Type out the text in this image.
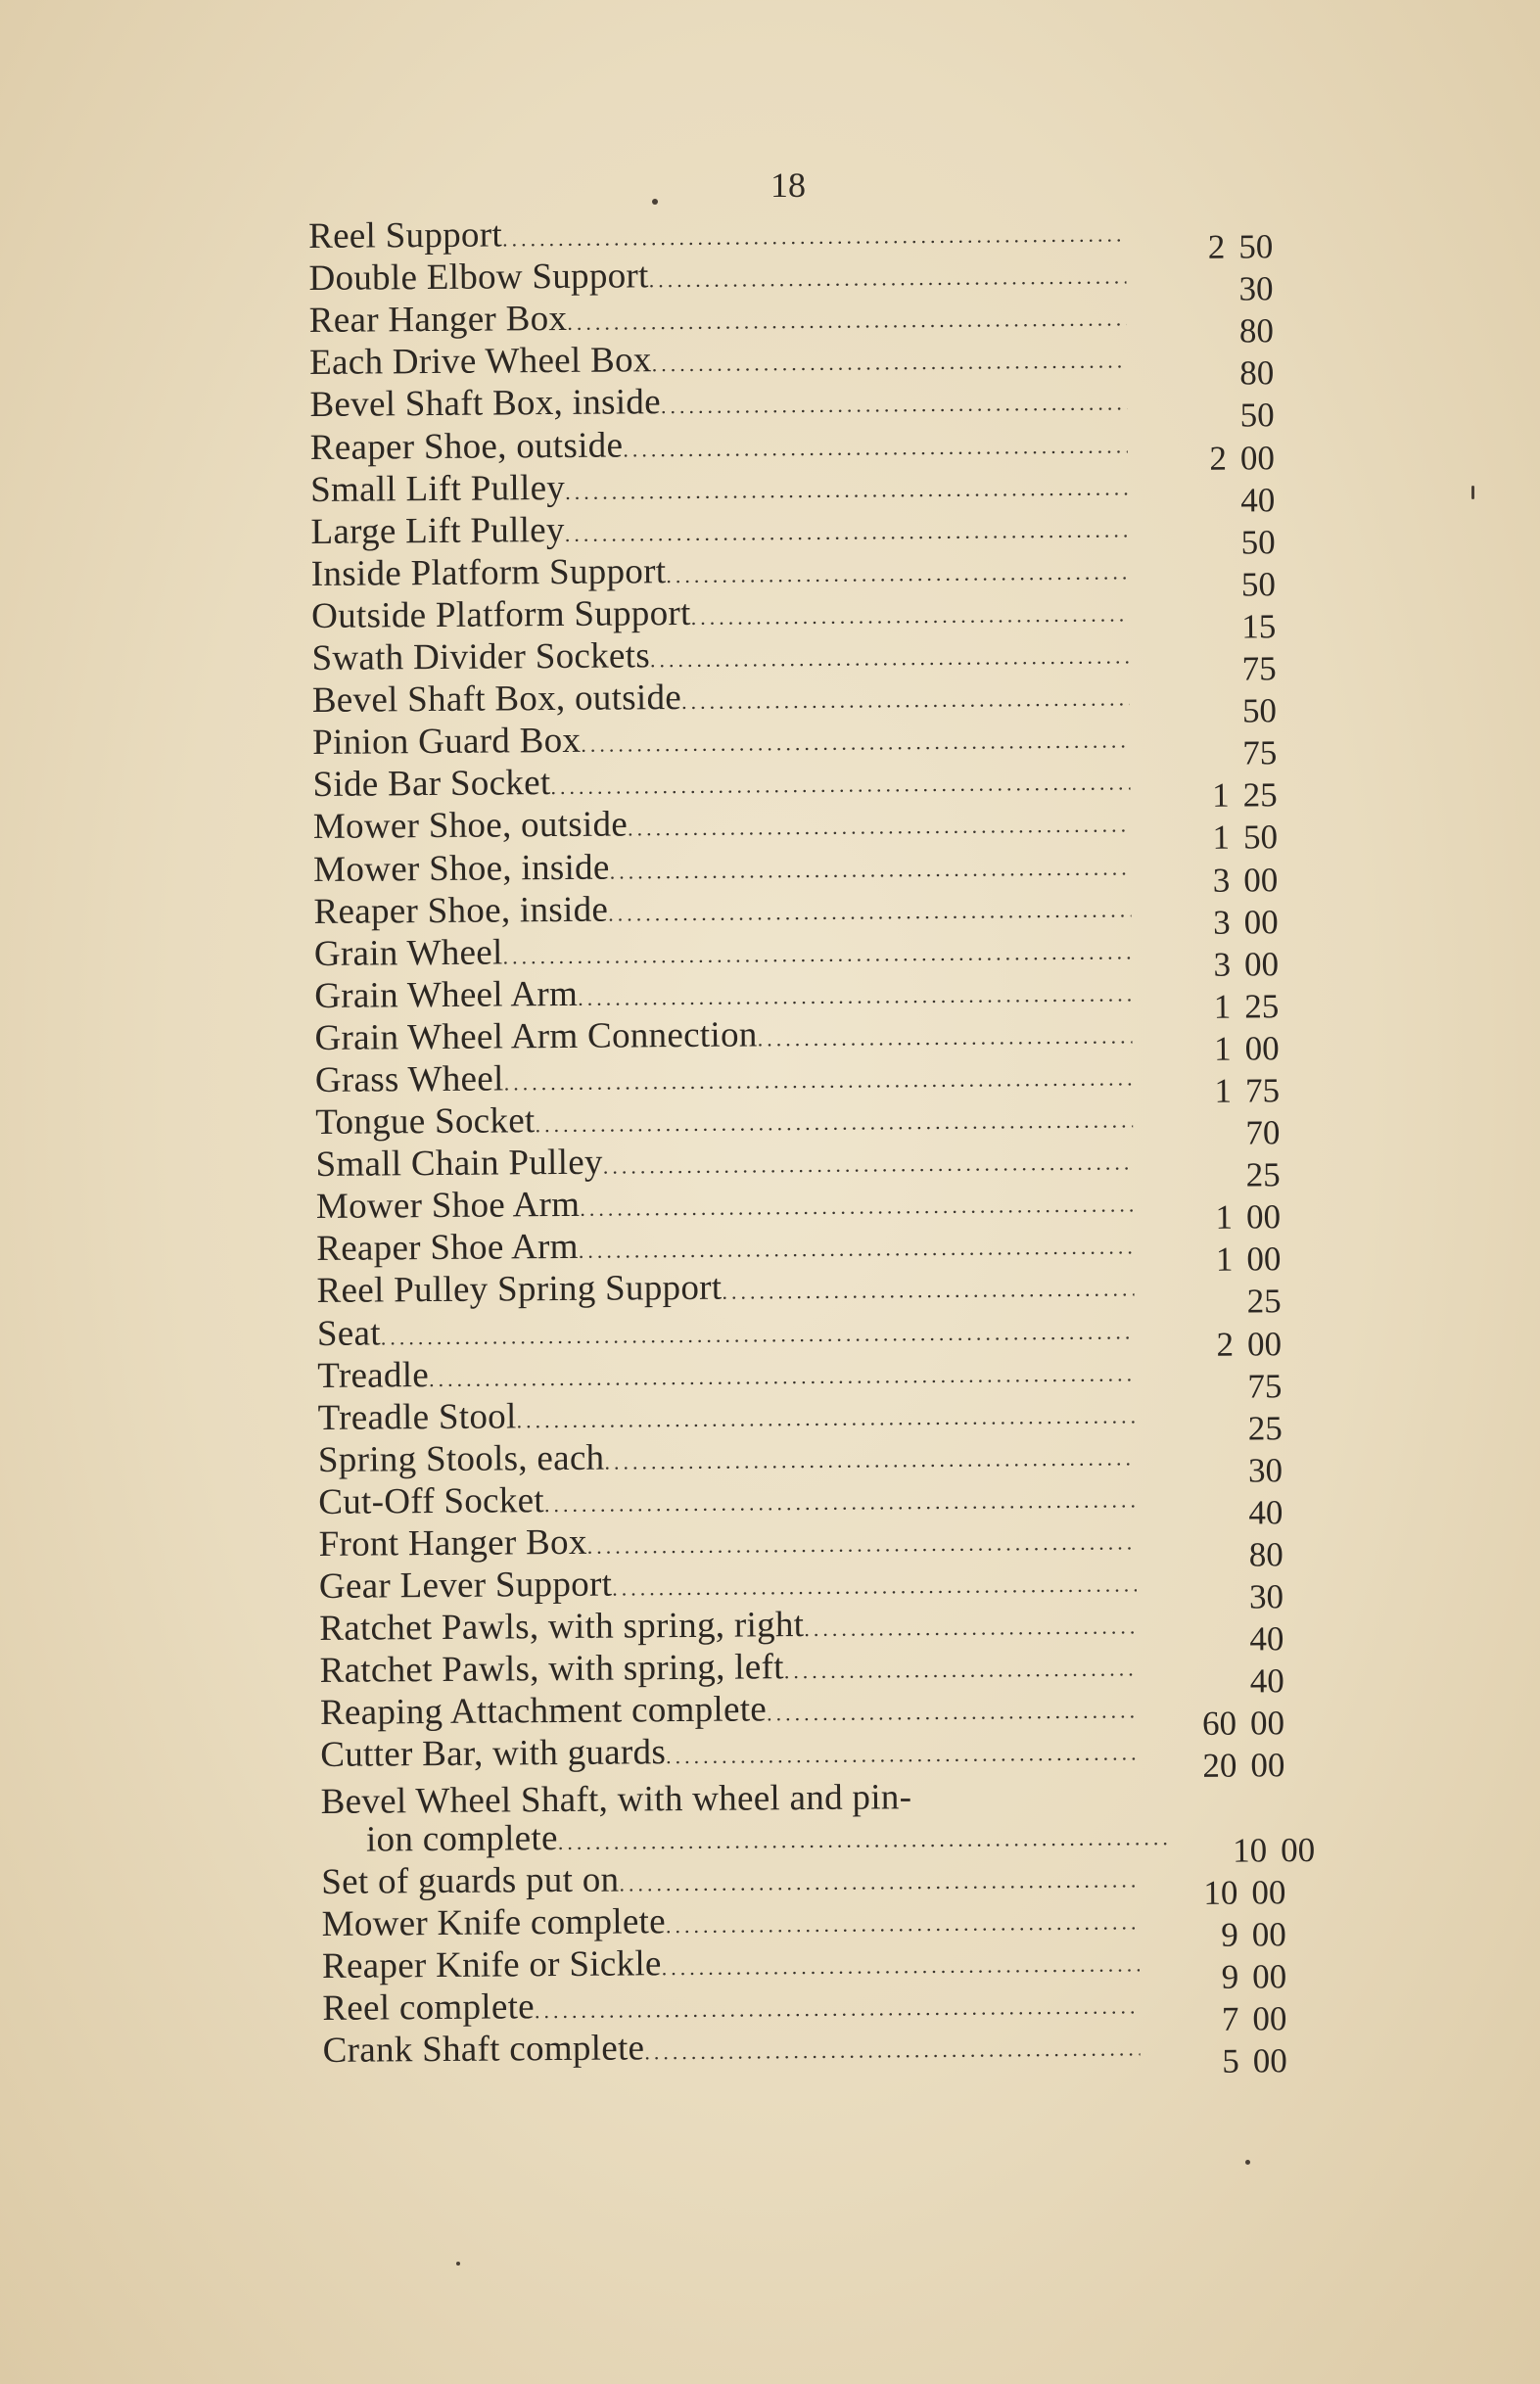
18
Reel Support .....	2 50
Double Elbow Support .....	30
Rear Hanger Box .....	80
Each Drive Wheel Box .....	80
Bevel Shaft Box, inside .....	50
Reaper Shoe, outside .....	2 00
Small Lift Pulley .....	40
Large Lift Pulley .....	50
Inside Platform Support .....	50
Outside Platform Support .....	15
Swath Divider Sockets .....	75
Bevel Shaft Box, outside .....	50
Pinion Guard Box .....	75
Side Bar Socket .....	1 25
Mower Shoe, outside .....	1 50
Mower Shoe, inside .....	3 00
Reaper Shoe, inside .....	3 00
Grain Wheel .....	3 00
Grain Wheel Arm .....	1 25
Grain Wheel Arm Connection .....	1 00
Grass Wheel .....	1 75
Tongue Socket .....	70
Small Chain Pulley .....	25
Mower Shoe Arm .....	1 00
Reaper Shoe Arm .....	1 00
Reel Pulley Spring Support .....	25
Seat .....	2 00
Treadle .....	75
Treadle Stool .....	25
Spring Stools, each .....	30
Cut-Off Socket .....	40
Front Hanger Box .....	80
Gear Lever Support .....	30
Ratchet Pawls, with spring, right .....	40
Ratchet Pawls, with spring, left .....	40
Reaping Attachment complete .....	60 00
Cutter Bar, with guards .....	20 00
Bevel Wheel Shaft, with wheel and pin-
ion complete .....	10 00
Set of guards put on .....	10 00
Mower Knife complete .....	9 00
Reaper Knife or Sickle .....	9 00
Reel complete .....	7 00
Crank Shaft complete .....	5 00
